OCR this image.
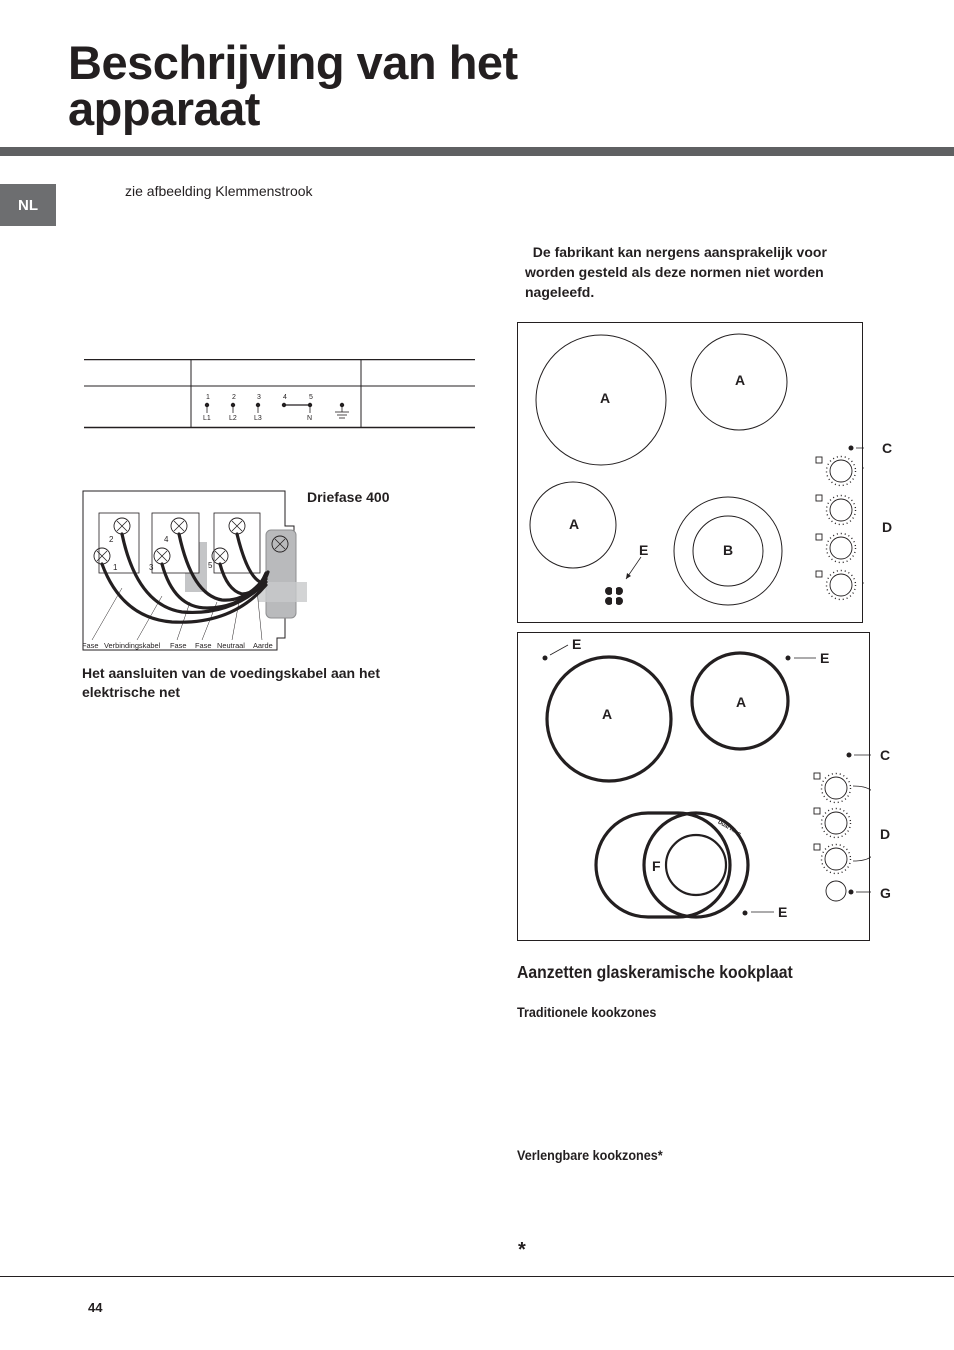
Beschrijving van het
apparaat
NL
zie afbeelding Klemmenstrook
De fabrikant kan nergens aansprakelijk voor
worden gesteld als deze normen niet worden
nageleefd.
1	2	3	4	5
L1	L2 L3	N
Driefase 400
2	4
1	3	5
Fase Verbindingskabel Fase Fase Neutraal Aarde
Het aansluiten van de voedingskabel aan het
elektrische net
A
A
A
B
E
C
D
Dual Ring
A
A
F
E
E
E
C
D
G
Aanzetten glaskeramische kookplaat
Traditionele kookzones
Verlengbare kookzones*
*
44
